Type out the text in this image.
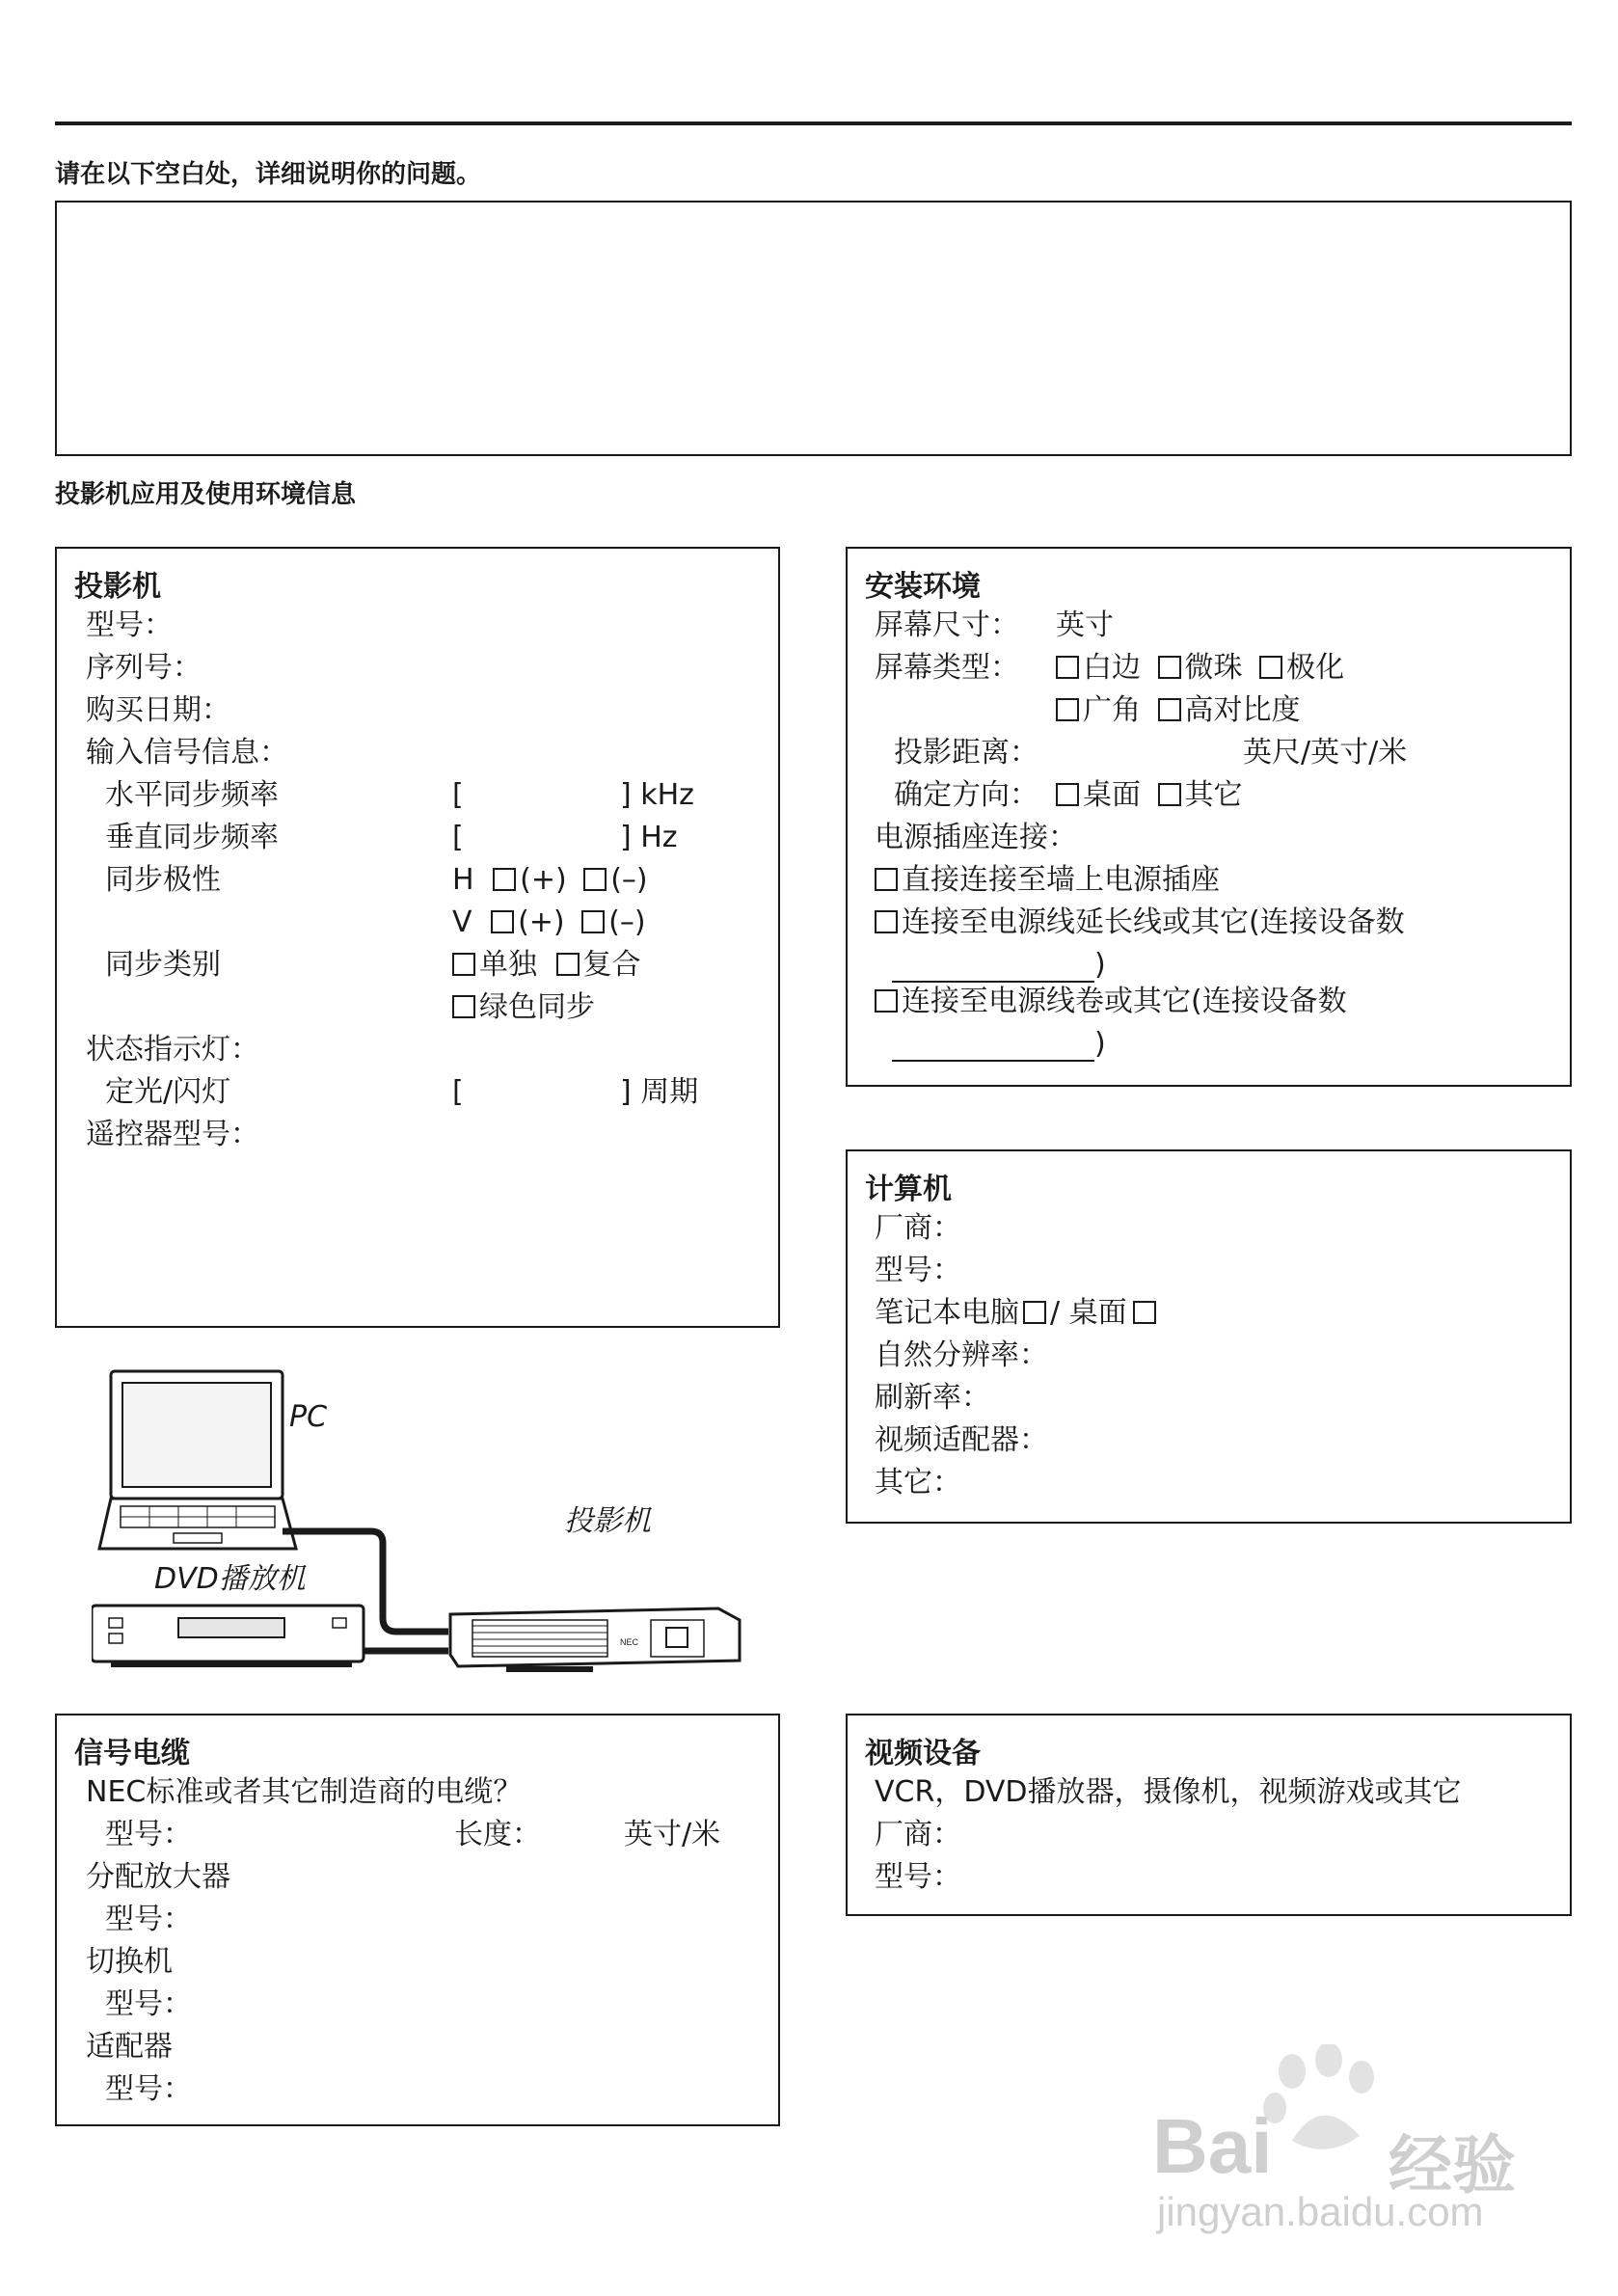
请在以下空白处，详细说明你的问题。
投影机应用及使用环境信息
投影机
型号：
序列号：
购买日期：
输入信号信息：
水平同步频率	[	] kHz
垂直同步频率	[	] Hz
同步极性	H (+) (–)
V (+) (–)
同步类别	单独 复合
绿色同步
状态指示灯：
定光/闪灯	[	] 周期
遥控器型号：
安装环境
屏幕尺寸： 英寸
屏幕类型：	白边 微珠 极化
广角 高对比度
投影距离：	英尺/英寸/米
确定方向：	桌面 其它
电源插座连接：
直接连接至墙上电源插座
连接至电源线延长线或其它(连接设备数
)
连接至电源线卷或其它(连接设备数
)
计算机
厂商：
型号：
笔记本电脑 / 桌面
自然分辨率：
刷新率：
视频适配器：
其它：
NEC
PC
投影机
DVD播放机
信号电缆
NEC标准或者其它制造商的电缆？
型号：	长度：	英寸/米
分配放大器
型号：
切换机
型号：
适配器
型号：
视频设备
VCR，DVD播放器，摄像机，视频游戏或其它
厂商：
型号：
Bai 经验
jingyan.baidu.com
